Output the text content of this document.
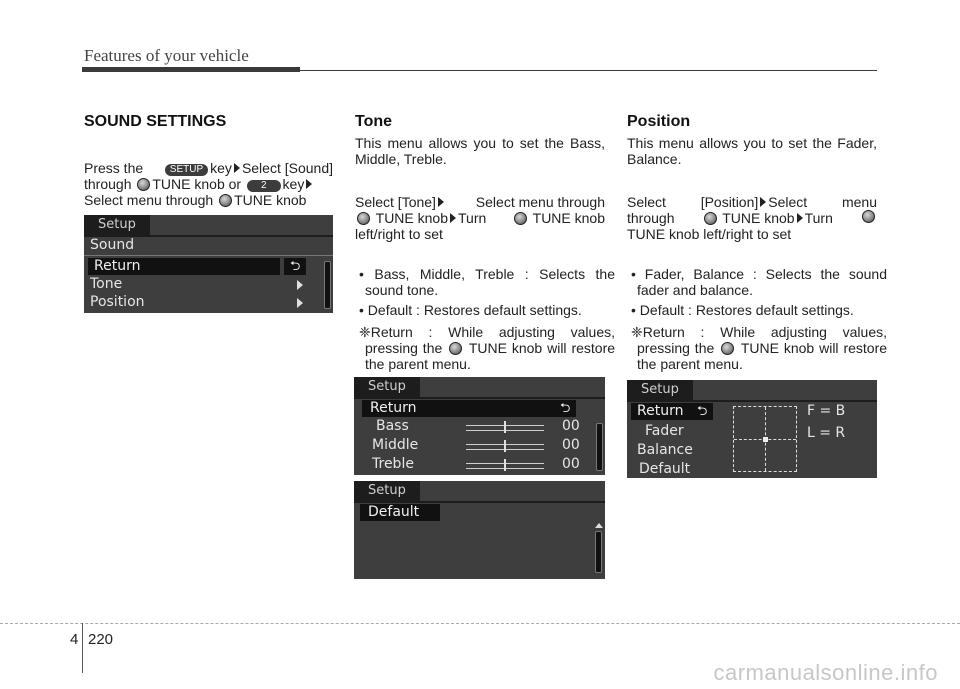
Features of your vehicle
SOUND SETTINGS
Press the	SETUP key Select [Sound]
through TUNE knob or 2 key
Select menu through TUNE knob
Setup
Sound
Return	⮌
Tone
Position
Tone
This menu allows you to set the Bass, Middle, Treble.
Select [Tone]	Select menu through
TUNE knob Turn	TUNE knob
left/right to set
• Bass, Middle, Treble : Selects the sound tone.
• Default : Restores default settings.
❈Return : While adjusting values, pressing the TUNE knob will restore the parent menu.
Setup
Return	⮌
Bass	00
Middle	00
Treble	00
Setup
Default
Position
This menu allows you to set the Fader, Balance.
Select [Position] Select menu
through	TUNE knob Turn
TUNE knob left/right to set
• Fader, Balance : Selects the sound fader and balance.
• Default : Restores default settings.
❈Return : While adjusting values, pressing the TUNE knob will restore the parent menu.
Setup
Return	⮌
Fader
Balance
Default
F = B
L = R
4 220
carmanualsonline.info
